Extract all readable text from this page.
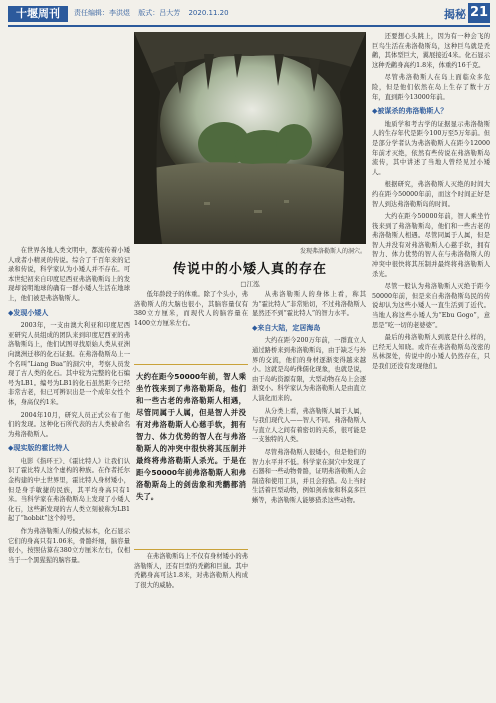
十堰周刊	责任编辑：李洪煜 版式：吕大芳 2020.11.20	揭秘 21
发现弗洛勒斯人的洞穴。
传说中的小矮人真的存在
□江泓

在世界各地人类文明中，都流传着小矮人或者小精灵的传说。综合了千百年来的记录和传说，科学家认为小矮人并不存在。可本世纪初来自印度尼西亚弗洛勒斯岛上的发现却说明地球的确有一群小矮人生活在地球上，他们被是弗洛勒斯人。

◆发现小矮人

2003年，一支由澳大利亚和印度尼西亚研究人员组成的团队来到印度尼西亚的弗洛勒斯岛上，他们试图寻找原始人类从亚洲向澳洲迁移的化石证据。在弗洛勒斯岛上一个名叫“Liang Bua”的洞穴中，考察人员发现了古人类的化石。其中较为完整的化石编号为LB1。编号为LB1的化石虽然距今已经非常古老，但已可辨识出是一个成年女性个体，身高仅约1米。

2004年10月，研究人员正式公布了他们的发现。这种化石所代表的古人类被命名为弗洛勒斯人。

◆现实版的霍比特人

电影《指环王》、《霍比特人》让我们认识了霍比特人这个虚构的种族。在作者托尔金构建的中土世界里，霍比特人身材矮小，但是身手敏捷的民族，其平均身高只有1米。当科学家在弗洛勒斯岛上发现了小矮人化石，这些新发现的古人类立刻被称为LB1起了“hobbit”这个绰号。

作为弗洛勒斯人的模式标本，化石显示它们的身高只有1.06米，骨骼纤细，脑容量很小，按照估算在380立方厘米左右，仅相当于一个黑猩猩的脑容量。

低年龄段子的体重。除了个头小，弗洛勒斯人的大脑也很小，其脑容量仅有380立方厘米，而现代人的脑容量在1400立方厘米左右。

大约在距今50000年前，智人乘坐竹筏来到了弗洛勒斯岛，他们和一些古老的弗洛勒斯人相遇，尽管同属于人属，但是智人并没有对弗洛勒斯人心慈手软，拥有智力、体力优势的智人在与弗洛勒斯人的冲突中很快将其压制并最终将弗洛勒斯人杀光。于是在距今50000年前弗洛勒斯人和弗洛勒斯岛上的剑齿象和秃鹳都消失了。

在弗洛勒斯岛上不仅有身材矮小的弗洛勒斯人，还有巨型的秃鹳和巨鼠。其中秃鹳身高可达1.8米，对弗洛勒斯人构成了很大的威胁。

从弗洛勒斯人的身体上看，称其为“霍比特人”非常贴切，不过弗洛勒斯人显然还不到“霍比特人”的智力水平。

◆来自大陆，定居海岛

大约在距今200万年前，一群直立人通过路桥来到弗洛勒斯岛，由于缺乏与外界的交流，他们的身材逐渐变得越来越小。这就是岛屿侏儒化现象，也就是说，由于岛屿资源有限，大型动物在岛上会逐渐变小。科学家认为弗洛勒斯人是由直立人演化而来的。

从分类上看，弗洛勒斯人属于人属，与我们现代人——智人不同。弗洛勒斯人与直立人之间有着密切的关系，很可能是一支独特的人类。

尽管弗洛勒斯人很矮小，但是他们的智力水平并不低。科学家在洞穴中发现了石器和一些动物骨骼，证明弗洛勒斯人会制造和使用工具，并且会狩猎。岛上当时生活着巨型动物，例如剑齿象和科莫多巨蜥等，弗洛勒斯人能够猎杀这些动物。

还要想心头跳上，因为有一种会飞的巨鸟生活在弗洛勒斯岛，这种巨鸟就是秃鹳，其体型巨大，翼展接近4米。化石显示这种秃鹳身高约1.8米，体重约16千克。

尽管弗洛勒斯人在岛上面临众多危险，但是他们依然在岛上生存了数十万年，直到距今13000年前。

◆被谋杀的弗洛勒斯人？

地质学和考古学的证据显示弗洛勒斯人的生存年代是距今100万至5万年前。但是部分学者认为弗洛勒斯人在距今12000年前才灭绝，依然有些传说在弗洛勒斯岛流传，其中讲述了当地人曾经见过小矮人。

根据研究，弗洛勒斯人灭绝的时间大约在距今50000年前，而这个时间正好是智人到达弗洛勒斯岛的时间。

大约在距今50000年前，智人乘坐竹筏来到了弗洛勒斯岛，他们和一些古老的弗洛勒斯人相遇。尽管同属于人属，但是智人并没有对弗洛勒斯人心慈手软，拥有智力、体力优势的智人在与弗洛勒斯人的冲突中很快将其压制并最终将弗洛勒斯人杀光。

尽管一般认为弗洛勒斯人灭绝于距今50000年前，但是来自弗洛勒斯岛民的传说却认为这些小矮人一直生活到了近代。当地人称这些小矮人为“Ebu Gogo”，意思是“吃一切的老婆婆”。

最后的弗洛勒斯人到底是什么样的，已经无人知晓。或许在弗洛勒斯岛茂密的丛林深处，传说中的小矮人仍然存在，只是我们还没有发现他们。
